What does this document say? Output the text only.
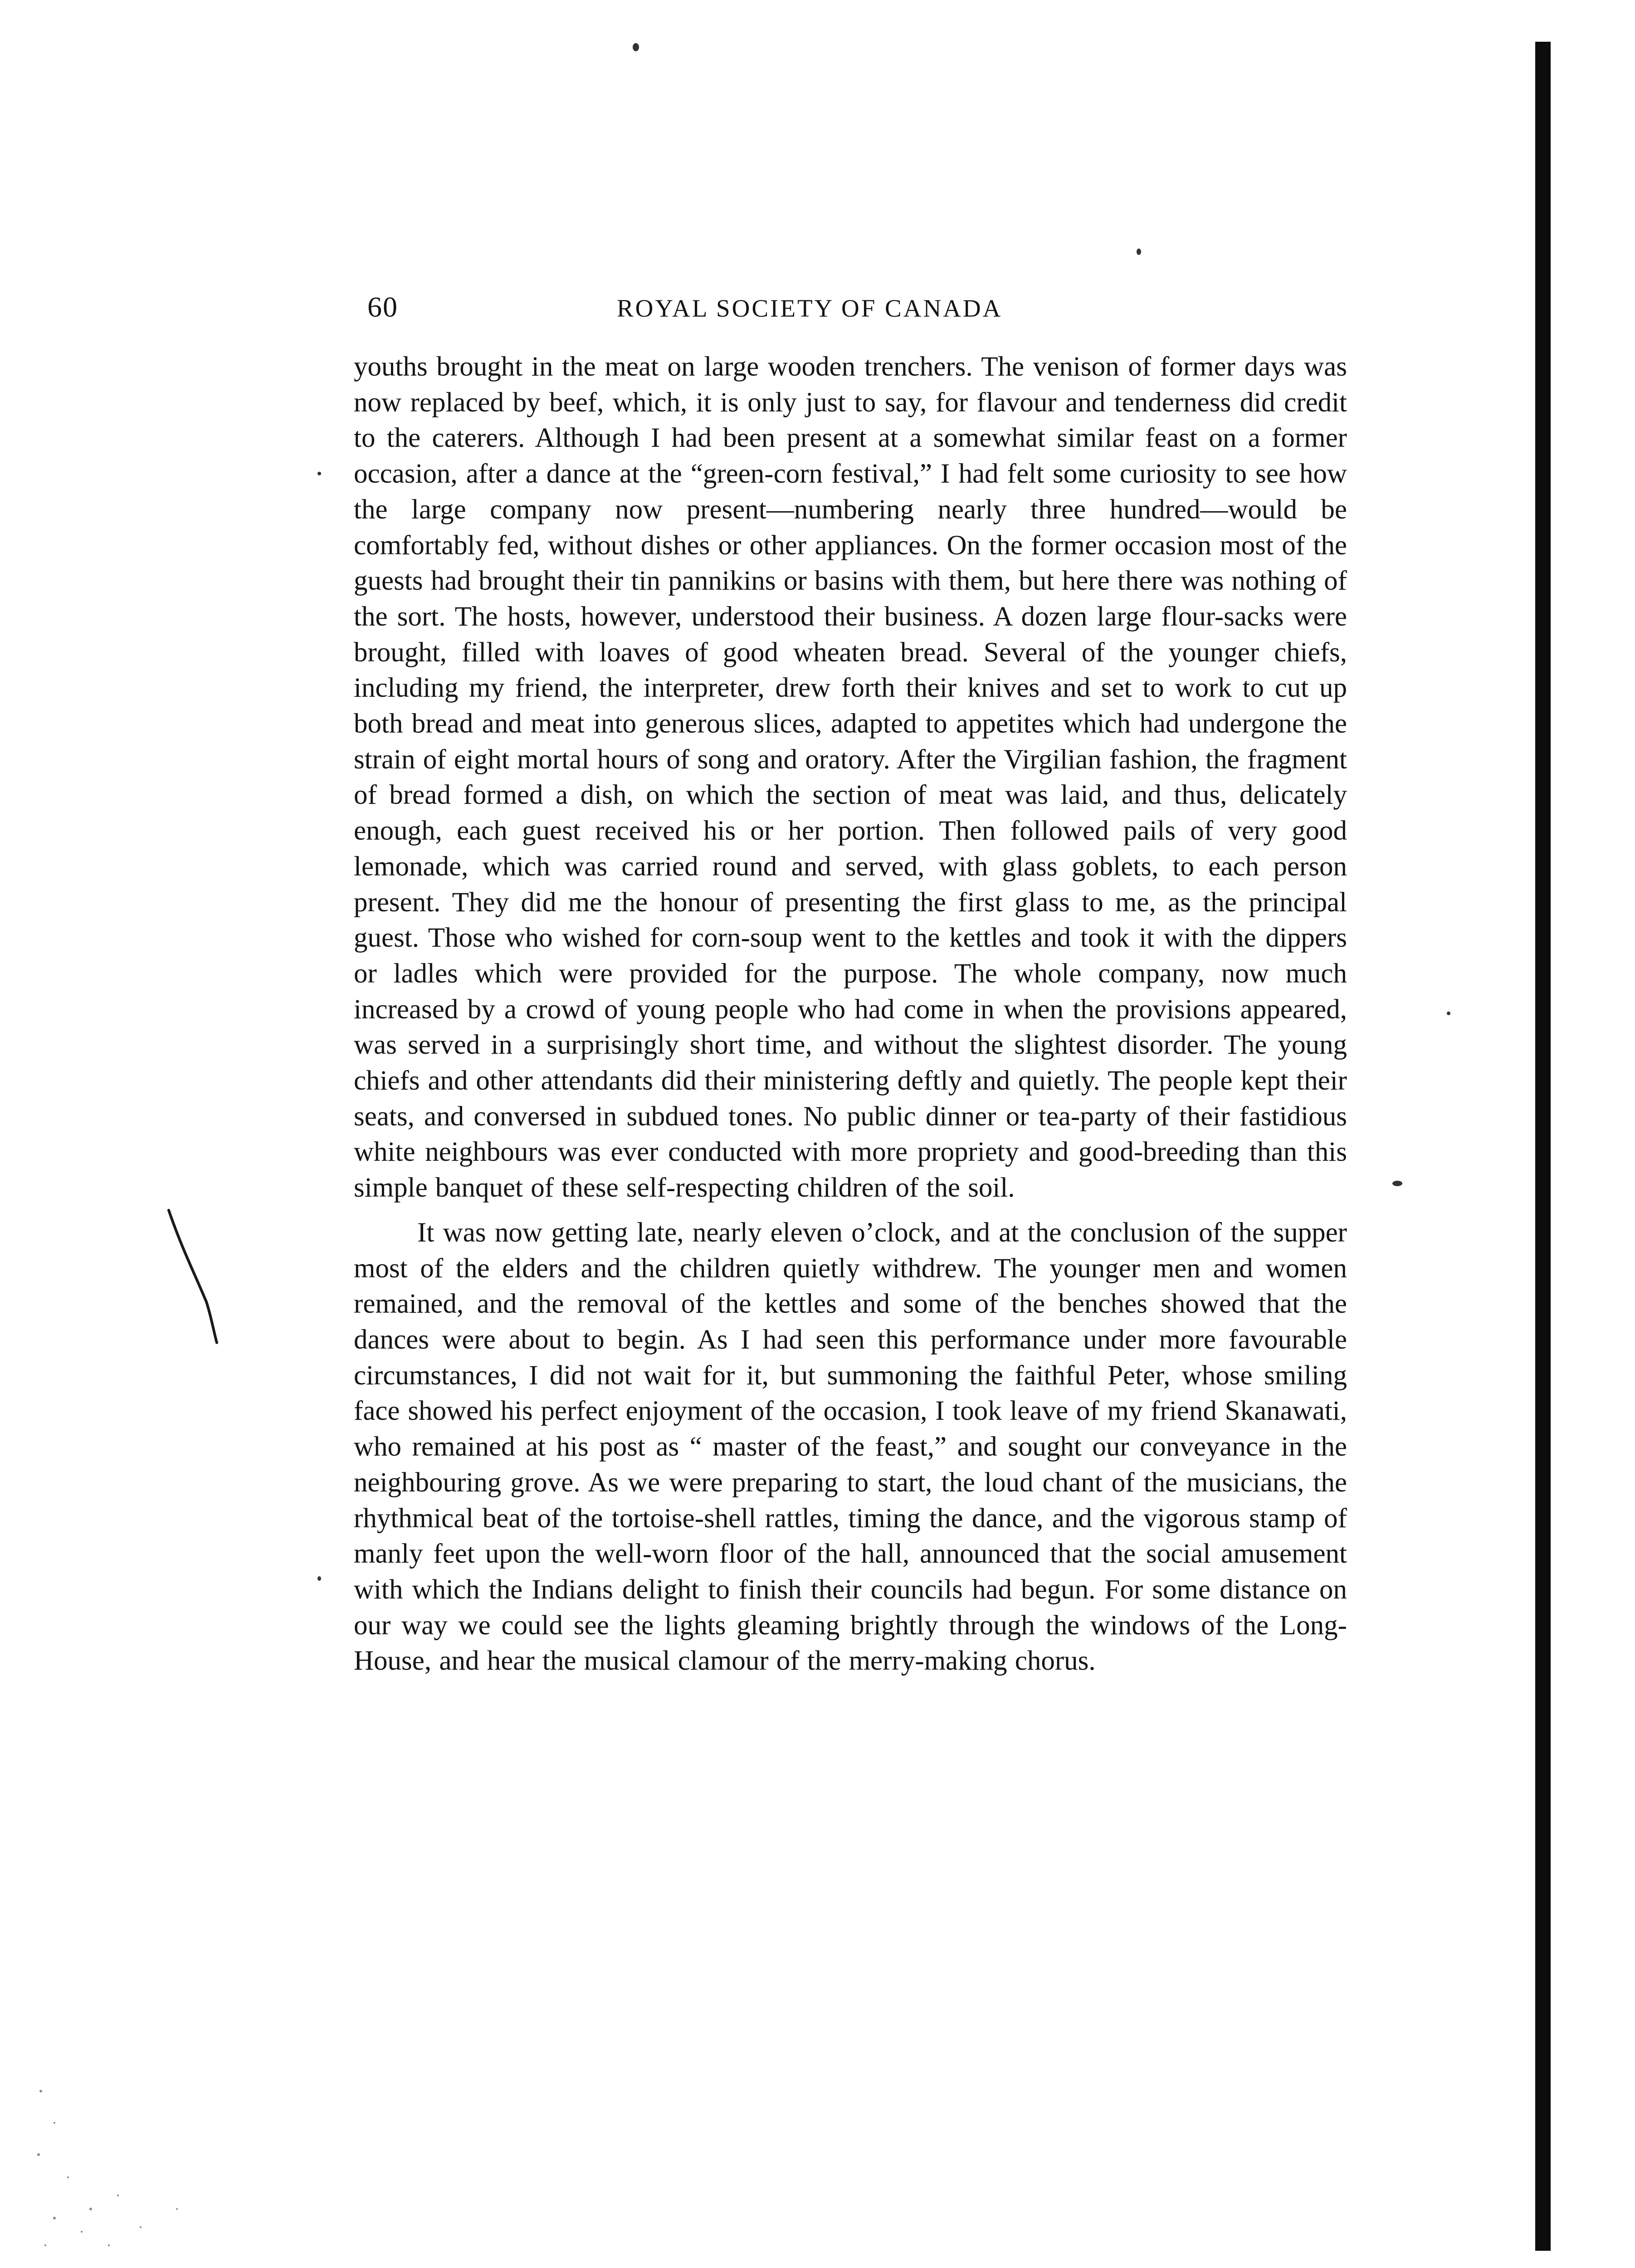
60	ROYAL SOCIETY OF CANADA

youths brought in the meat on large wooden trenchers. The venison of former days was now replaced by beef, which, it is only just to say, for flavour and tenderness did credit to the caterers. Although I had been present at a somewhat similar feast on a former occasion, after a dance at the “green-corn festival,” I had felt some curiosity to see how the large company now present—numbering nearly three hundred—would be comfortably fed, without dishes or other appliances. On the former occasion most of the guests had brought their tin pannikins or basins with them, but here there was nothing of the sort. The hosts, however, understood their business. A dozen large flour-sacks were brought, filled with loaves of good wheaten bread. Several of the younger chiefs, including my friend, the interpreter, drew forth their knives and set to work to cut up both bread and meat into generous slices, adapted to appetites which had undergone the strain of eight mortal hours of song and oratory. After the Virgilian fashion, the fragment of bread formed a dish, on which the section of meat was laid, and thus, delicately enough, each guest received his or her portion. Then followed pails of very good lemonade, which was carried round and served, with glass goblets, to each person present. They did me the honour of presenting the first glass to me, as the principal guest. Those who wished for corn-soup went to the kettles and took it with the dippers or ladles which were provided for the purpose. The whole company, now much increased by a crowd of young people who had come in when the provisions appeared, was served in a surprisingly short time, and without the slightest disorder. The young chiefs and other attendants did their ministering deftly and quietly. The people kept their seats, and conversed in subdued tones. No public dinner or tea-party of their fastidious white neighbours was ever conducted with more propriety and good-breeding than this simple banquet of these self-respecting children of the soil.

It was now getting late, nearly eleven o’clock, and at the conclusion of the supper most of the elders and the children quietly withdrew. The younger men and women remained, and the removal of the kettles and some of the benches showed that the dances were about to begin. As I had seen this performance under more favourable circumstances, I did not wait for it, but summoning the faithful Peter, whose smiling face showed his perfect enjoyment of the occasion, I took leave of my friend Skanawati, who remained at his post as “ master of the feast,” and sought our conveyance in the neighbouring grove. As we were preparing to start, the loud chant of the musicians, the rhythmical beat of the tortoise-shell rattles, timing the dance, and the vigorous stamp of manly feet upon the well-worn floor of the hall, announced that the social amusement with which the Indians delight to finish their councils had begun. For some distance on our way we could see the lights gleaming brightly through the windows of the Long-House, and hear the musical clamour of the merry-making chorus.
